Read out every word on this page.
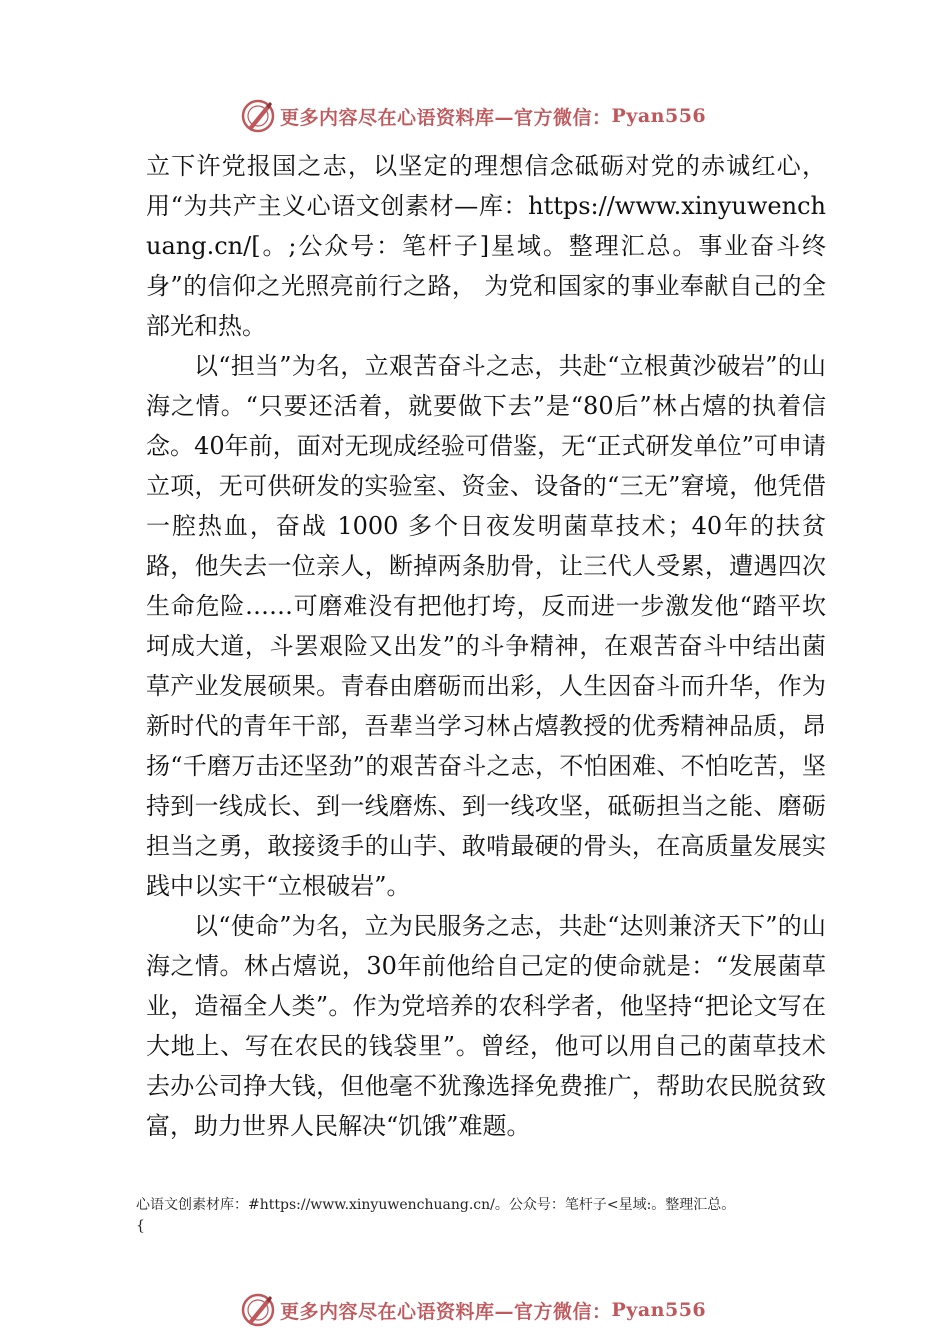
更多内容尽在心语资料库—官方微信： Pyan556

立下许党报国之志，以坚定的理想信念砥砺对党的赤诚红心，用“为共产主义心语文创素材—库：https://www.xinyuwenchuang.cn/[。;公众号：笔杆子]星域。整理汇总。事业奋斗终身”的信仰之光照亮前行之路， 为党和国家的事业奉献自己的全部光和热。

以“担当”为名，立艰苦奋斗之志，共赴“立根黄沙破岩”的山海之情。“只要还活着，就要做下去”是“80后”林占熺的执着信念。40年前，面对无现成经验可借鉴，无“正式研发单位”可申请立项，无可供研发的实验室、资金、设备的“三无”窘境，他凭借一腔热血，奋战 1000 多个日夜发明菌草技术；40年的扶贫路，他失去一位亲人，断掉两条肋骨，让三代人受累，遭遇四次生命危险……可磨难没有把他打垮，反而进一步激发他“踏平坎坷成大道，斗罢艰险又出发”的斗争精神，在艰苦奋斗中结出菌草产业发展硕果。青春由磨砺而出彩，人生因奋斗而升华，作为新时代的青年干部，吾辈当学习林占熺教授的优秀精神品质，昂扬“千磨万击还坚劲”的艰苦奋斗之志，不怕困难、不怕吃苦，坚持到一线成长、到一线磨炼、到一线攻坚，砥砺担当之能、磨砺担当之勇，敢接烫手的山芋、敢啃最硬的骨头，在高质量发展实践中以实干“立根破岩”。

以“使命”为名，立为民服务之志，共赴“达则兼济天下”的山海之情。林占熺说，30年前他给自己定的使命就是：“发展菌草业，造福全人类”。作为党培养的农科学者，他坚持“把论文写在大地上、写在农民的钱袋里”。曾经，他可以用自己的菌草技术去办公司挣大钱，但他毫不犹豫选择免费推广，帮助农民脱贫致富，助力世界人民解决“饥饿”难题。

心语文创素材库：#https://www.xinyuwenchuang.cn/。公众号：笔杆子<星域:。整理汇总。
{
更多内容尽在心语资料库—官方微信： Pyan556
